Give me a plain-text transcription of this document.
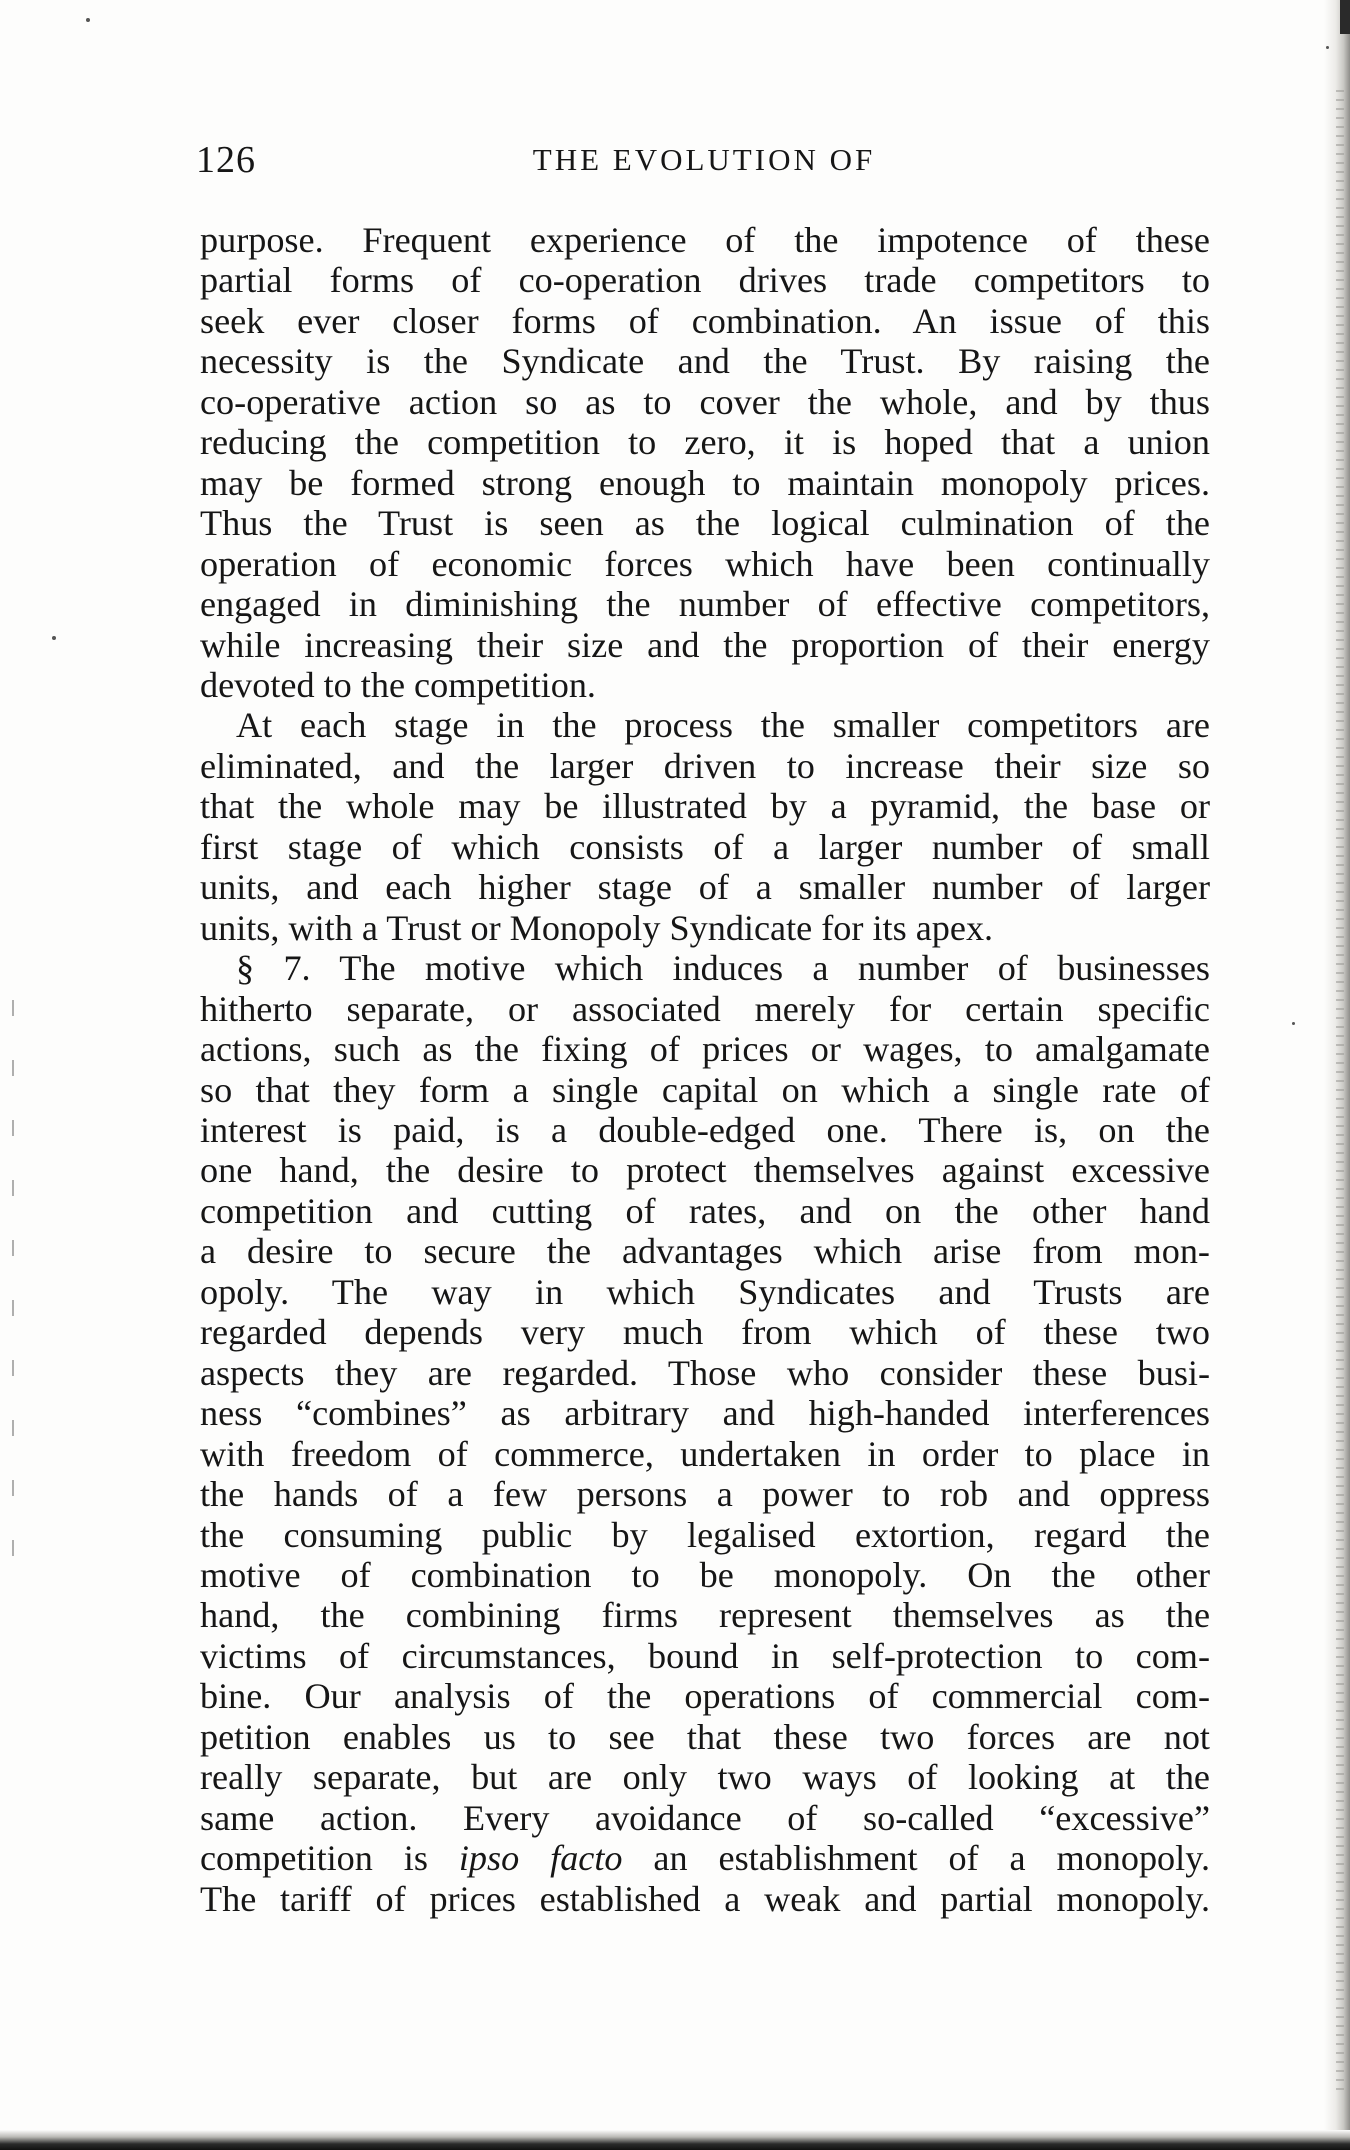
126	THE EVOLUTION OF
purpose. Frequent experience of the impotence of these
partial forms of co-operation drives trade competitors to
seek ever closer forms of combination. An issue of this
necessity is the Syndicate and the Trust. By raising the
co-operative action so as to cover the whole, and by thus
reducing the competition to zero, it is hoped that a union
may be formed strong enough to maintain monopoly prices.
Thus the Trust is seen as the logical culmination of the
operation of economic forces which have been continually
engaged in diminishing the number of effective competitors,
while increasing their size and the proportion of their energy
devoted to the competition.
At each stage in the process the smaller competitors are
eliminated, and the larger driven to increase their size so
that the whole may be illustrated by a pyramid, the base or
first stage of which consists of a larger number of small
units, and each higher stage of a smaller number of larger
units, with a Trust or Monopoly Syndicate for its apex.
§ 7. The motive which induces a number of businesses
hitherto separate, or associated merely for certain specific
actions, such as the fixing of prices or wages, to amalgamate
so that they form a single capital on which a single rate of
interest is paid, is a double-edged one. There is, on the
one hand, the desire to protect themselves against excessive
competition and cutting of rates, and on the other hand
a desire to secure the advantages which arise from mon-
opoly. The way in which Syndicates and Trusts are
regarded depends very much from which of these two
aspects they are regarded. Those who consider these busi-
ness “combines” as arbitrary and high-handed interferences
with freedom of commerce, undertaken in order to place in
the hands of a few persons a power to rob and oppress
the consuming public by legalised extortion, regard the
motive of combination to be monopoly. On the other
hand, the combining firms represent themselves as the
victims of circumstances, bound in self-protection to com-
bine. Our analysis of the operations of commercial com-
petition enables us to see that these two forces are not
really separate, but are only two ways of looking at the
same action. Every avoidance of so-called “excessive”
competition is ipso facto an establishment of a monopoly.
The tariff of prices established a weak and partial monopoly.
